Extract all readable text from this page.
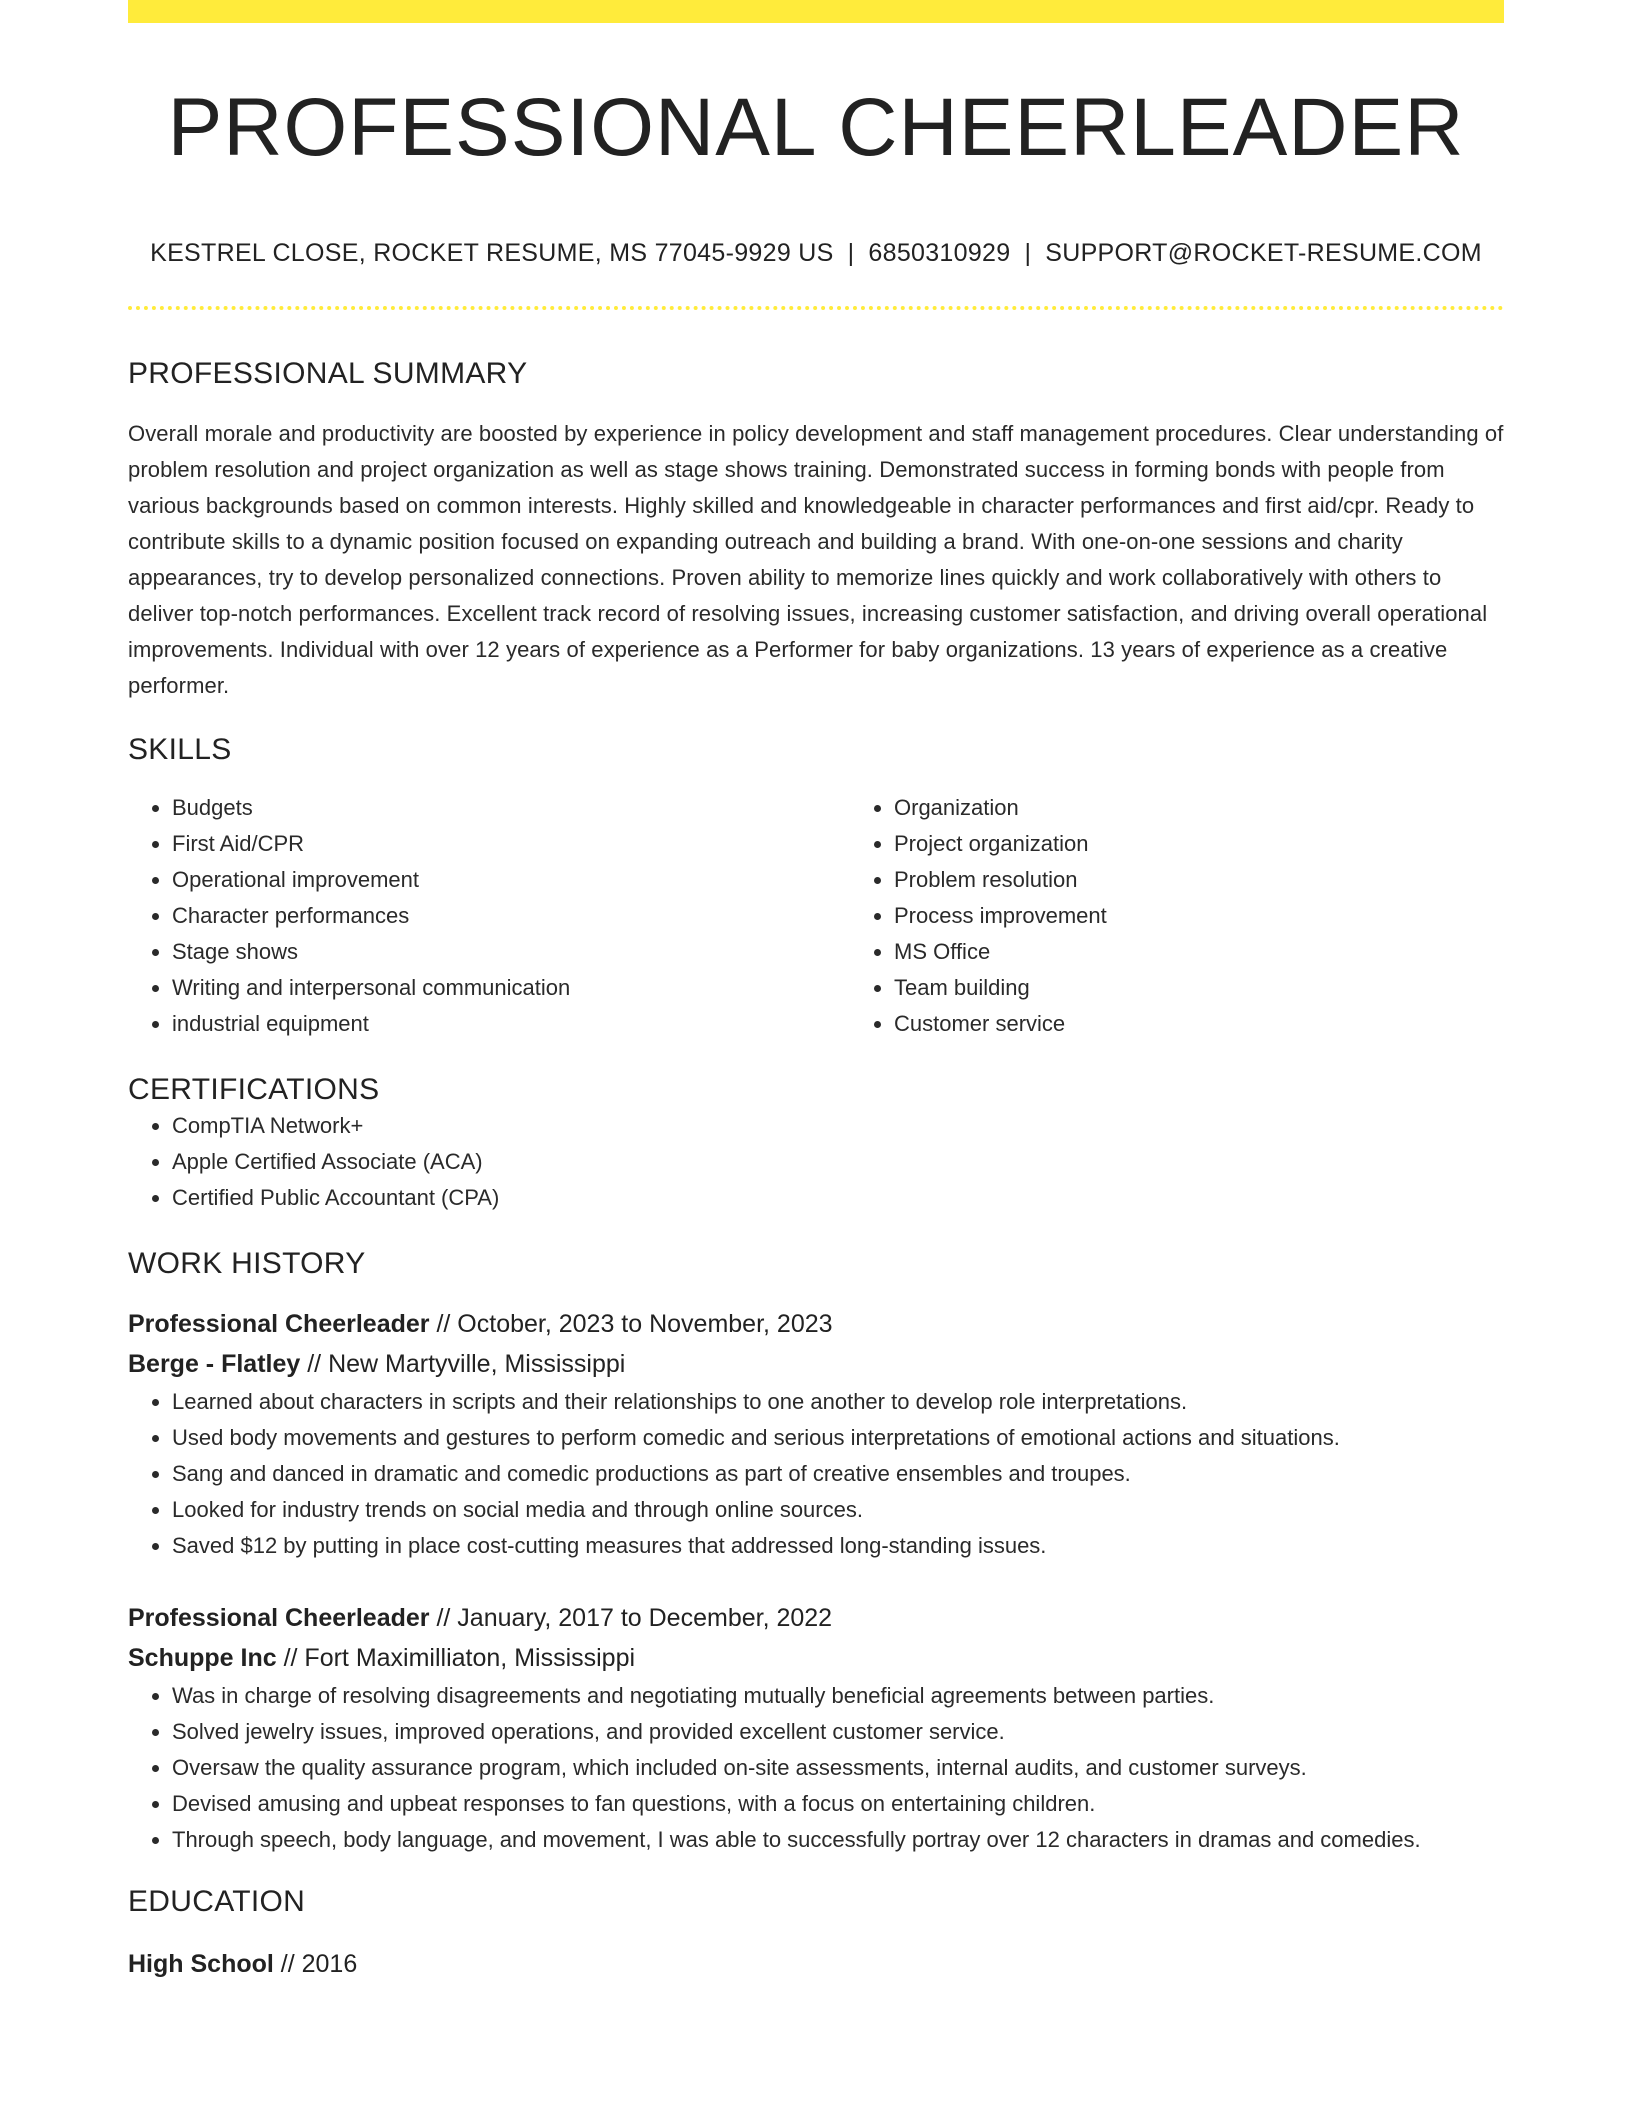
PROFESSIONAL CHEERLEADER
KESTREL CLOSE, ROCKET RESUME, MS 77045-9929 US | 6850310929 | SUPPORT@ROCKET-RESUME.COM
PROFESSIONAL SUMMARY

Overall morale and productivity are boosted by experience in policy development and staff management procedures. Clear understanding of problem resolution and project organization as well as stage shows training. Demonstrated success in forming bonds with people from various backgrounds based on common interests. Highly skilled and knowledgeable in character performances and first aid/cpr. Ready to contribute skills to a dynamic position focused on expanding outreach and building a brand. With one-on-one sessions and charity appearances, try to develop personalized connections. Proven ability to memorize lines quickly and work collaboratively with others to deliver top-notch performances. Excellent track record of resolving issues, increasing customer satisfaction, and driving overall operational improvements. Individual with over 12 years of experience as a Performer for baby organizations. 13 years of experience as a creative performer.

SKILLS
• Budgets
• First Aid/CPR
• Operational improvement
• Character performances
• Stage shows
• Writing and interpersonal communication
• industrial equipment
• Organization
• Project organization
• Problem resolution
• Process improvement
• MS Office
• Team building
• Customer service
CERTIFICATIONS
• CompTIA Network+
• Apple Certified Associate (ACA)
• Certified Public Accountant (CPA)
WORK HISTORY
Professional Cheerleader // October, 2023 to November, 2023
Berge - Flatley // New Martyville, Mississippi
• Learned about characters in scripts and their relationships to one another to develop role interpretations.
• Used body movements and gestures to perform comedic and serious interpretations of emotional actions and situations.
• Sang and danced in dramatic and comedic productions as part of creative ensembles and troupes.
• Looked for industry trends on social media and through online sources.
• Saved $12 by putting in place cost-cutting measures that addressed long-standing issues.
Professional Cheerleader // January, 2017 to December, 2022
Schuppe Inc // Fort Maximilliaton, Mississippi
• Was in charge of resolving disagreements and negotiating mutually beneficial agreements between parties.
• Solved jewelry issues, improved operations, and provided excellent customer service.
• Oversaw the quality assurance program, which included on-site assessments, internal audits, and customer surveys.
• Devised amusing and upbeat responses to fan questions, with a focus on entertaining children.
• Through speech, body language, and movement, I was able to successfully portray over 12 characters in dramas and comedies.
EDUCATION
High School // 2016
